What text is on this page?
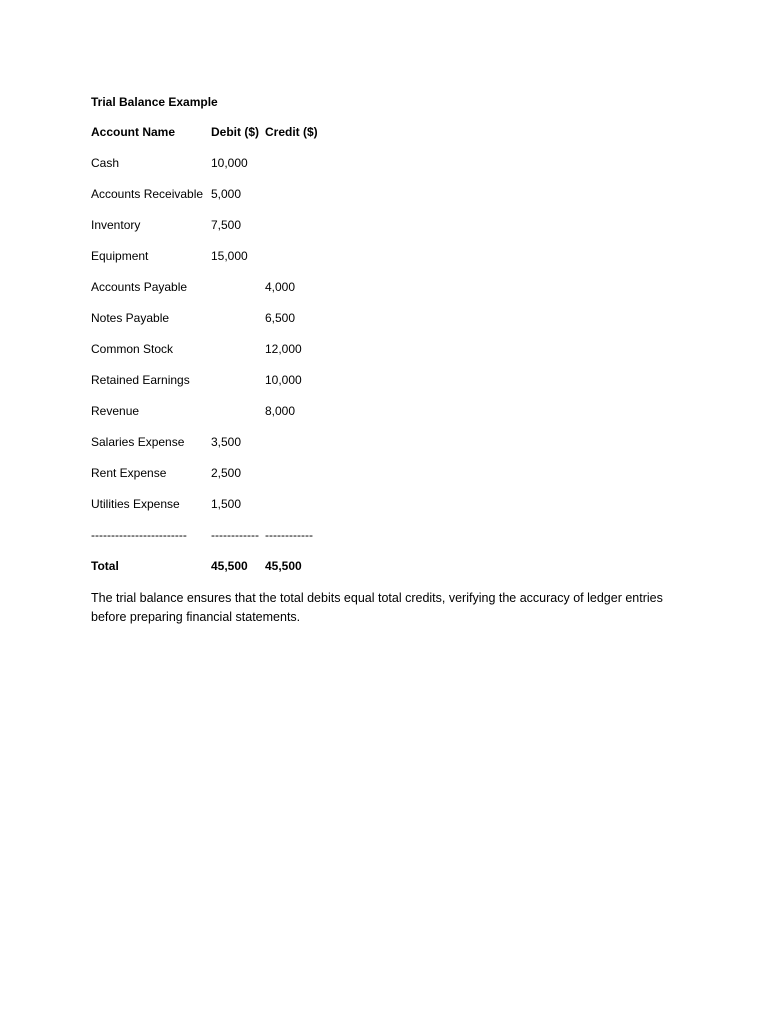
Trial Balance Example

Account Name	Debit ($)	Credit ($)
Cash	10,000	
Accounts Receivable	5,000	
Inventory	7,500	
Equipment	15,000	
Accounts Payable		4,000
Notes Payable		6,500
Common Stock		12,000
Retained Earnings		10,000
Revenue		8,000
Salaries Expense	3,500	
Rent Expense	2,500	
Utilities Expense	1,500	
------------------------	------------	------------
Total	45,500	45,500

The trial balance ensures that the total debits equal total credits, verifying the accuracy of ledger entries before preparing financial statements.
